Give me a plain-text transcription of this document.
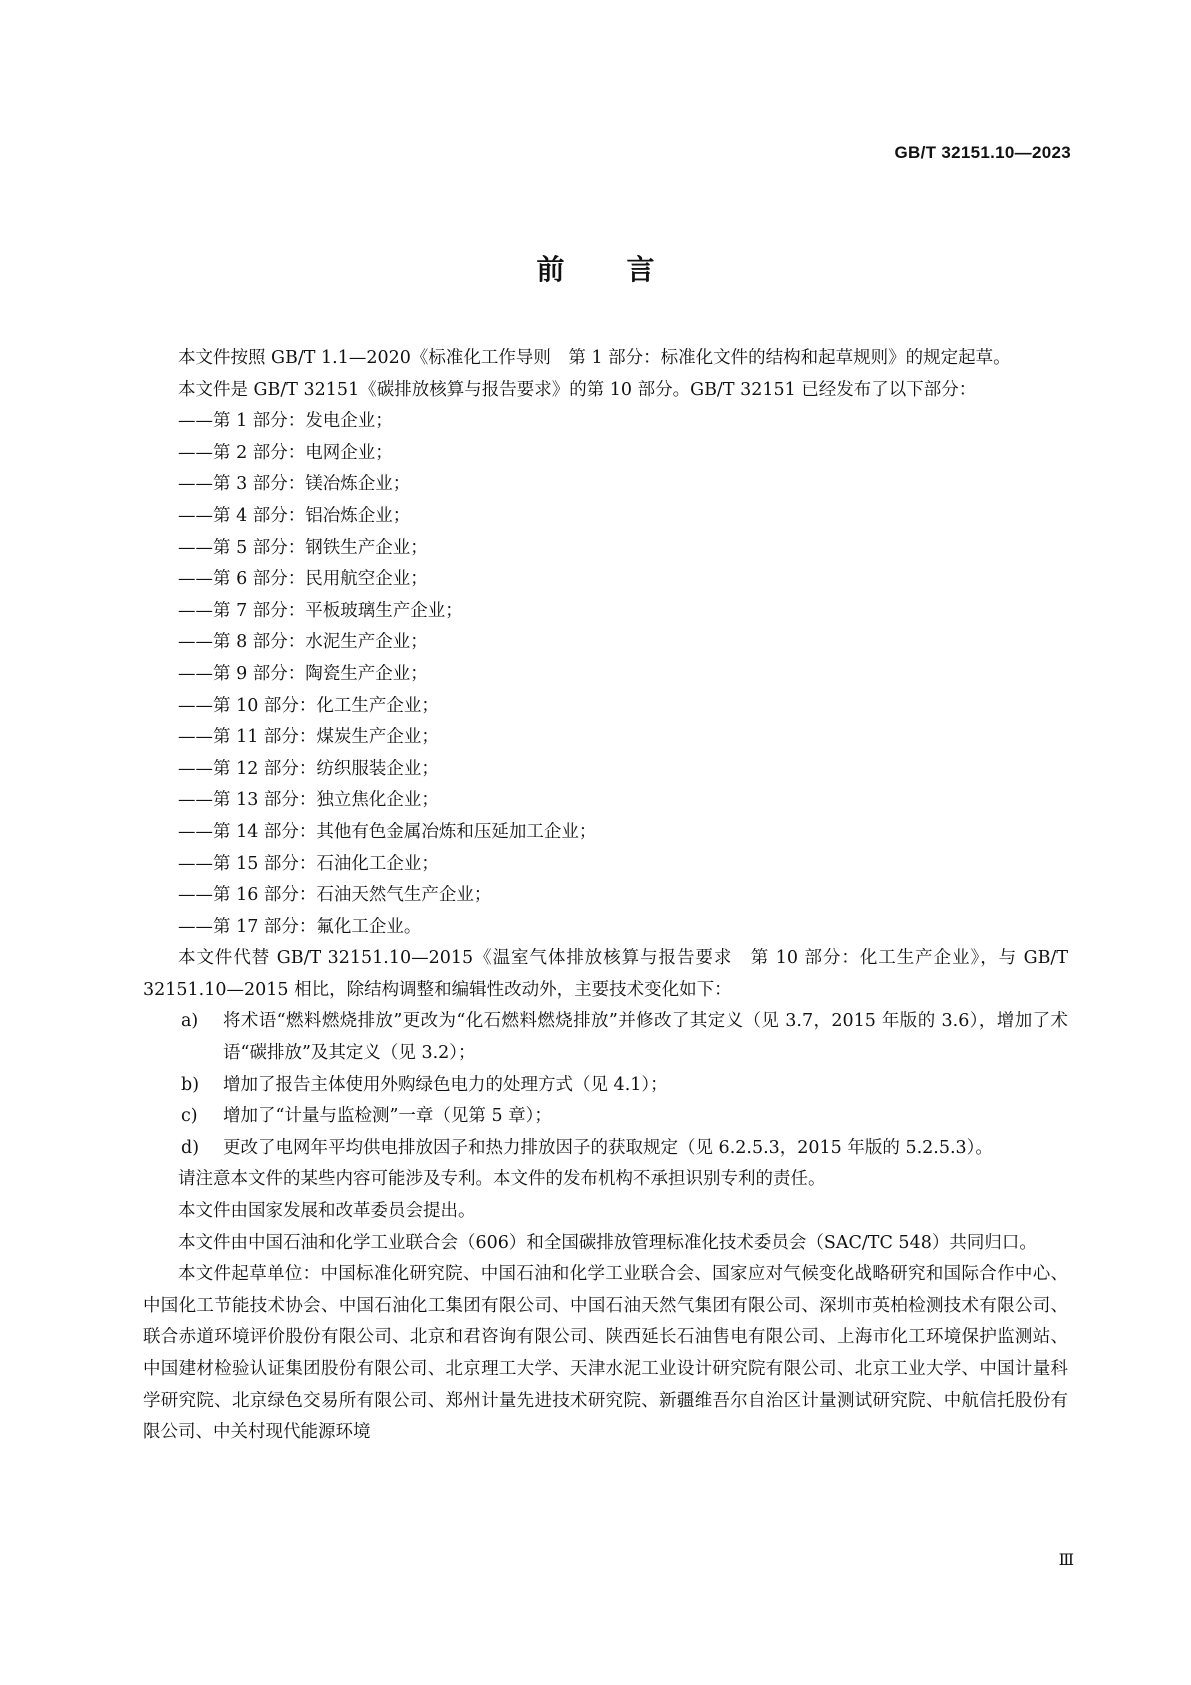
GB/T 32151.10—2023
前言

本文件按照 GB/T 1.1—2020《标准化工作导则　第 1 部分：标准化文件的结构和起草规则》的规定起草。

本文件是 GB/T 32151《碳排放核算与报告要求》的第 10 部分。GB/T 32151 已经发布了以下部分：

——第 1 部分：发电企业；
——第 2 部分：电网企业；
——第 3 部分：镁冶炼企业；
——第 4 部分：铝冶炼企业；
——第 5 部分：钢铁生产企业；
——第 6 部分：民用航空企业；
——第 7 部分：平板玻璃生产企业；
——第 8 部分：水泥生产企业；
——第 9 部分：陶瓷生产企业；
——第 10 部分：化工生产企业；
——第 11 部分：煤炭生产企业；
——第 12 部分：纺织服装企业；
——第 13 部分：独立焦化企业；
——第 14 部分：其他有色金属冶炼和压延加工企业；
——第 15 部分：石油化工企业；
——第 16 部分：石油天然气生产企业；
——第 17 部分：氟化工企业。

本文件代替 GB/T 32151.10—2015《温室气体排放核算与报告要求　第 10 部分：化工生产企业》，与 GB/T 32151.10—2015 相比，除结构调整和编辑性改动外，主要技术变化如下：

a) 将术语“燃料燃烧排放”更改为“化石燃料燃烧排放”并修改了其定义（见 3.7，2015 年版的 3.6），增加了术语“碳排放”及其定义（见 3.2）；
b) 增加了报告主体使用外购绿色电力的处理方式（见 4.1）；
c) 增加了“计量与监检测”一章（见第 5 章）；
d) 更改了电网年平均供电排放因子和热力排放因子的获取规定（见 6.2.5.3，2015 年版的 5.2.5.3）。

请注意本文件的某些内容可能涉及专利。本文件的发布机构不承担识别专利的责任。

本文件由国家发展和改革委员会提出。

本文件由中国石油和化学工业联合会（606）和全国碳排放管理标准化技术委员会（SAC/TC 548）共同归口。

本文件起草单位：中国标准化研究院、中国石油和化学工业联合会、国家应对气候变化战略研究和国际合作中心、中国化工节能技术协会、中国石油化工集团有限公司、中国石油天然气集团有限公司、深圳市英柏检测技术有限公司、联合赤道环境评价股份有限公司、北京和君咨询有限公司、陕西延长石油售电有限公司、上海市化工环境保护监测站、中国建材检验认证集团股份有限公司、北京理工大学、天津水泥工业设计研究院有限公司、北京工业大学、中国计量科学研究院、北京绿色交易所有限公司、郑州计量先进技术研究院、新疆维吾尔自治区计量测试研究院、中航信托股份有限公司、中关村现代能源环境

Ⅲ
